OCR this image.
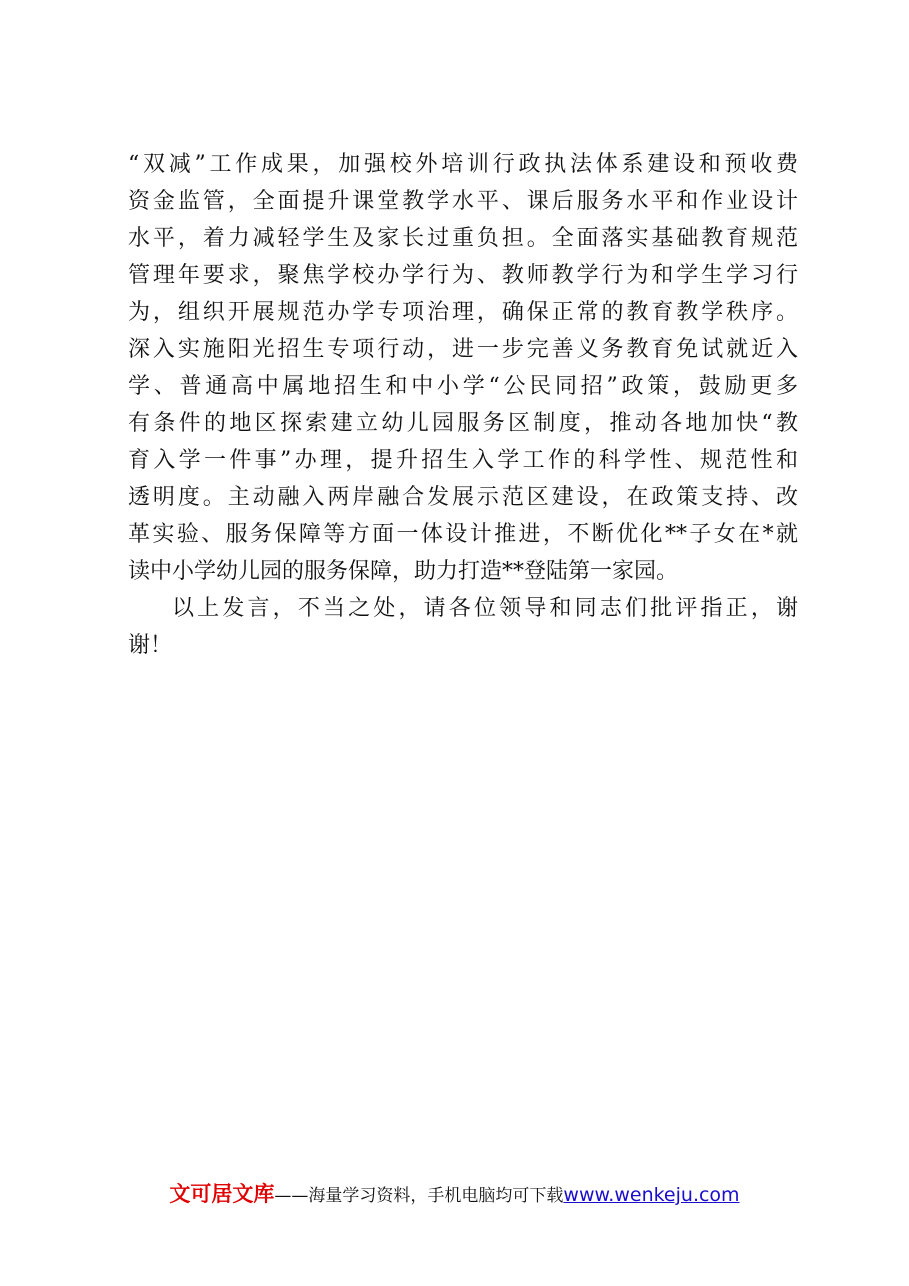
“双减”工作成果，加强校外培训行政执法体系建设和预收费
资金监管，全面提升课堂教学水平、课后服务水平和作业设计
水平，着力减轻学生及家长过重负担。全面落实基础教育规范
管理年要求，聚焦学校办学行为、教师教学行为和学生学习行
为，组织开展规范办学专项治理，确保正常的教育教学秩序。
深入实施阳光招生专项行动，进一步完善义务教育免试就近入
学、普通高中属地招生和中小学“公民同招”政策，鼓励更多
有条件的地区探索建立幼儿园服务区制度，推动各地加快“教
育入学一件事”办理，提升招生入学工作的科学性、规范性和
透明度。主动融入两岸融合发展示范区建设，在政策支持、改
革实验、服务保障等方面一体设计推进，不断优化**子女在*就
读中小学幼儿园的服务保障，助力打造**登陆第一家园。
以上发言，不当之处，请各位领导和同志们批评指正，谢
谢！
文可居文库——海量学习资料，手机电脑均可下载www.wenkeju.com
